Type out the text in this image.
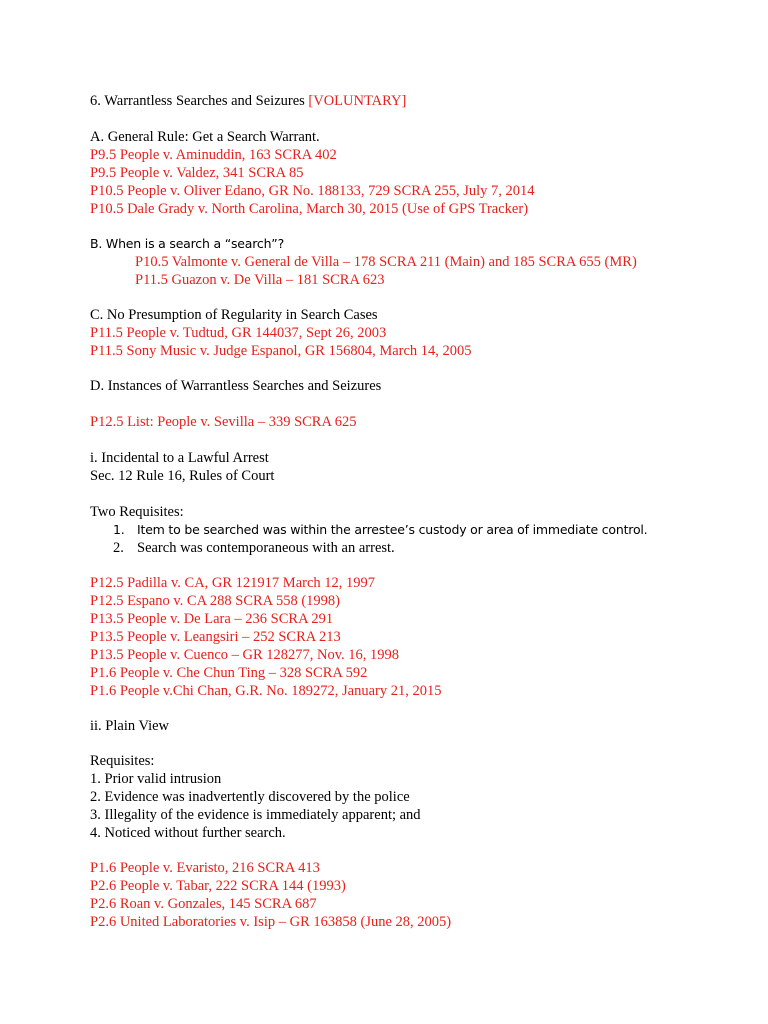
6. Warrantless Searches and Seizures [VOLUNTARY]
A. General Rule: Get a Search Warrant.
P9.5 People v. Aminuddin, 163 SCRA 402
P9.5 People v. Valdez, 341 SCRA 85
P10.5 People v. Oliver Edano, GR No. 188133, 729 SCRA 255, July 7, 2014
P10.5 Dale Grady v. North Carolina, March 30, 2015 (Use of GPS Tracker)
B. When is a search a “search”?
P10.5 Valmonte v. General de Villa – 178 SCRA 211 (Main) and 185 SCRA 655 (MR)
P11.5 Guazon v. De Villa – 181 SCRA 623
C. No Presumption of Regularity in Search Cases
P11.5 People v. Tudtud, GR 144037, Sept 26, 2003
P11.5 Sony Music v. Judge Espanol, GR 156804, March 14, 2005
D. Instances of Warrantless Searches and Seizures
P12.5 List: People v. Sevilla – 339 SCRA 625
i. Incidental to a Lawful Arrest
Sec. 12 Rule 16, Rules of Court
Two Requisites:
1. Item to be searched was within the arrestee’s custody or area of immediate control.
2. Search was contemporaneous with an arrest.
P12.5 Padilla v. CA, GR 121917 March 12, 1997
P12.5 Espano v. CA 288 SCRA 558 (1998)
P13.5 People v. De Lara – 236 SCRA 291
P13.5 People v. Leangsiri – 252 SCRA 213
P13.5 People v. Cuenco – GR 128277, Nov. 16, 1998
P1.6 People v. Che Chun Ting – 328 SCRA 592
P1.6 People v.Chi Chan, G.R. No. 189272, January 21, 2015
ii. Plain View
Requisites:
1. Prior valid intrusion
2. Evidence was inadvertently discovered by the police
3. Illegality of the evidence is immediately apparent; and
4. Noticed without further search.
P1.6 People v. Evaristo, 216 SCRA 413
P2.6 People v. Tabar, 222 SCRA 144 (1993)
P2.6 Roan v. Gonzales, 145 SCRA 687
P2.6 United Laboratories v. Isip – GR 163858 (June 28, 2005)
